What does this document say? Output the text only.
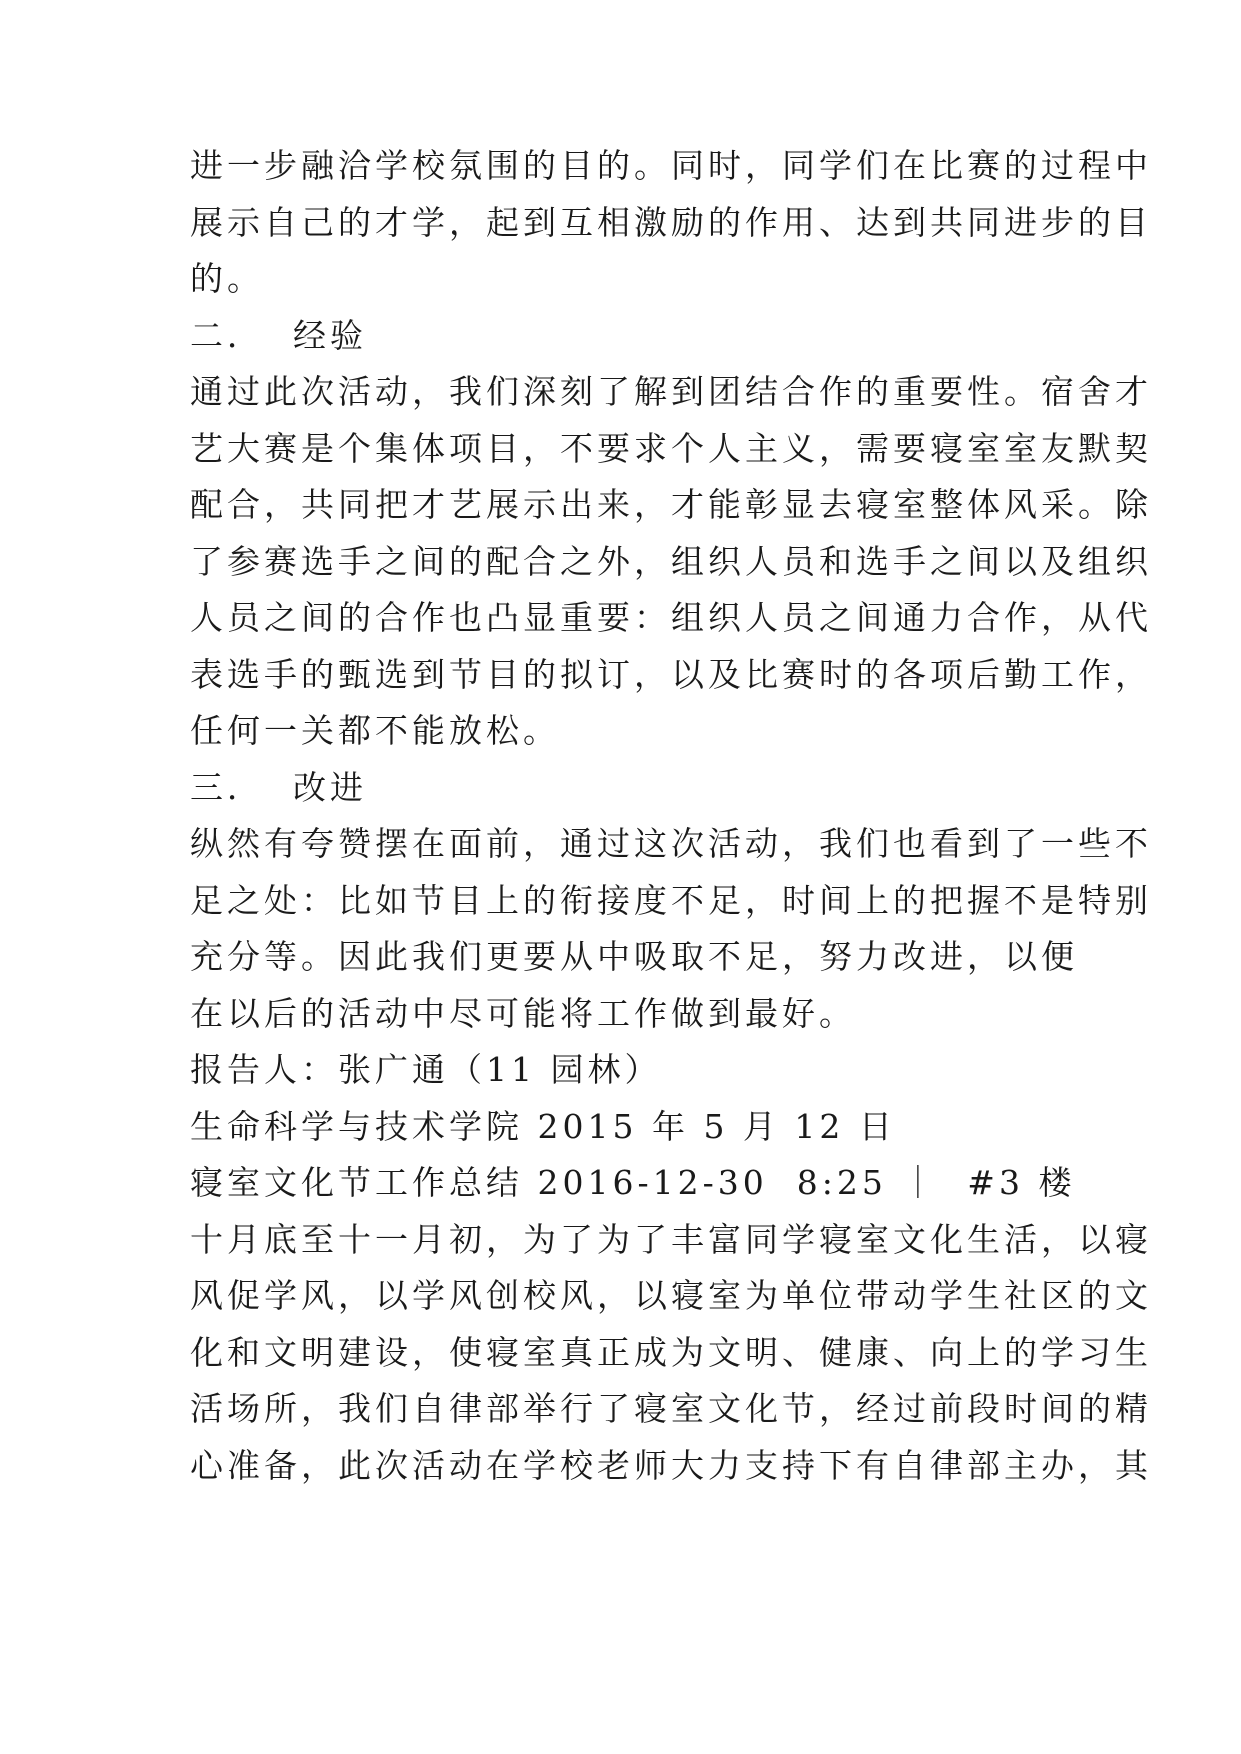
进一步融洽学校氛围的目的。同时，同学们在比赛的过程中
展示自己的才学，起到互相激励的作用、达到共同进步的目
的。
二．  经验
通过此次活动，我们深刻了解到团结合作的重要性。宿舍才
艺大赛是个集体项目，不要求个人主义，需要寝室室友默契
配合，共同把才艺展示出来，才能彰显去寝室整体风采。除
了参赛选手之间的配合之外，组织人员和选手之间以及组织
人员之间的合作也凸显重要：组织人员之间通力合作，从代
表选手的甄选到节目的拟订，以及比赛时的各项后勤工作，
任何一关都不能放松。
三．  改进
纵然有夸赞摆在面前，通过这次活动，我们也看到了一些不
足之处：比如节目上的衔接度不足，时间上的把握不是特别
充分等。因此我们更要从中吸取不足，努力改进，以便
在以后的活动中尽可能将工作做到最好。
报告人：张广通（11 园林）
生命科学与技术学院 2015 年 5 月 12 日
寝室文化节工作总结 2016-12-30  8:25 ｜  #3 楼
十月底至十一月初，为了为了丰富同学寝室文化生活，以寝
风促学风，以学风创校风，以寝室为单位带动学生社区的文
化和文明建设，使寝室真正成为文明、健康、向上的学习生
活场所，我们自律部举行了寝室文化节，经过前段时间的精
心准备，此次活动在学校老师大力支持下有自律部主办，其
